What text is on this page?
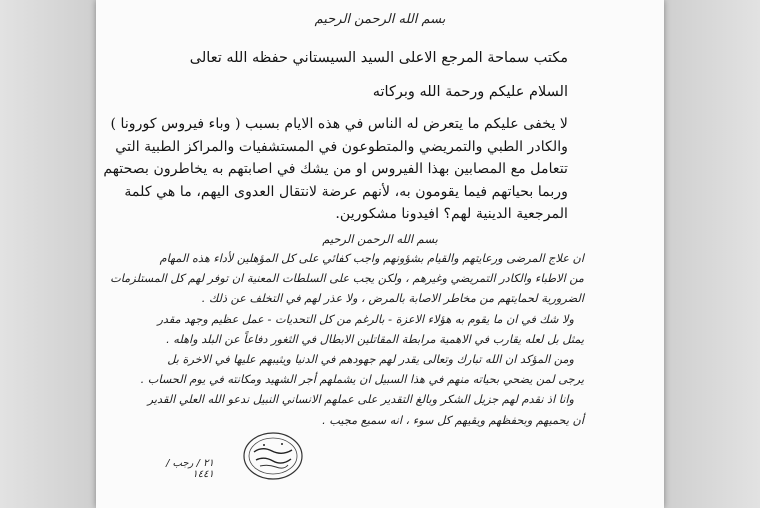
بسم الله الرحمن الرحيم
مكتب سماحة المرجع الاعلى السيد السيستاني حفظه الله تعالى
السلام عليكم ورحمة الله وبركاته
لا يخفى عليكم ما يتعرض له الناس في هذه الايام بسبب ( وباء فيروس كورونا )
والكادر الطبي والتمريضي والمتطوعون في المستشفيات والمراكز الطبية التي
تتعامل مع المصابين بهذا الفيروس او من يشك في اصابتهم به يخاطرون بصحتهم
وربما بحياتهم فيما يقومون به، لأنهم عرضة لانتقال العدوى اليهم، ما هي كلمة
المرجعية الدينية لهم؟ افيدونا مشكورين.
بسم الله الرحمن الرحيم
ان علاج المرضى ورعايتهم والقيام بشؤونهم واجب كفائي على كل المؤهلين لأداء هذه المهام
من الاطباء والكادر التمريضي وغيرهم ، ولكن يجب على السلطات المعنية ان توفر لهم كل المستلزمات
الضرورية لحمايتهم من مخاطر الاصابة بالمرض ، ولا عذر لهم في التخلف عن ذلك .
ولا شك في ان ما يقوم به هؤلاء الاعزة - بالرغم من كل التحديات - عمل عظيم وجهد مقدر
يمثل بل لعله يقارب في الاهمية مرابطة المقاتلين الابطال في الثغور دفاعاً عن البلد واهله .
ومن المؤكد ان الله تبارك وتعالى يقدر لهم جهودهم في الدنيا ويثيبهم عليها في الاخرة بل
يرجى لمن يضحي بحياته منهم في هذا السبيل ان يشملهم أجر الشهيد ومكانته في يوم الحساب .
وانا اذ نقدم لهم جزيل الشكر وبالغ التقدير على عملهم الانساني النبيل ندعو الله العلي القدير
أن يحميهم وبحفظهم ويقيهم كل سوء ، انه سميع مجيب .
٢١ / رجب /
١٤٤١
